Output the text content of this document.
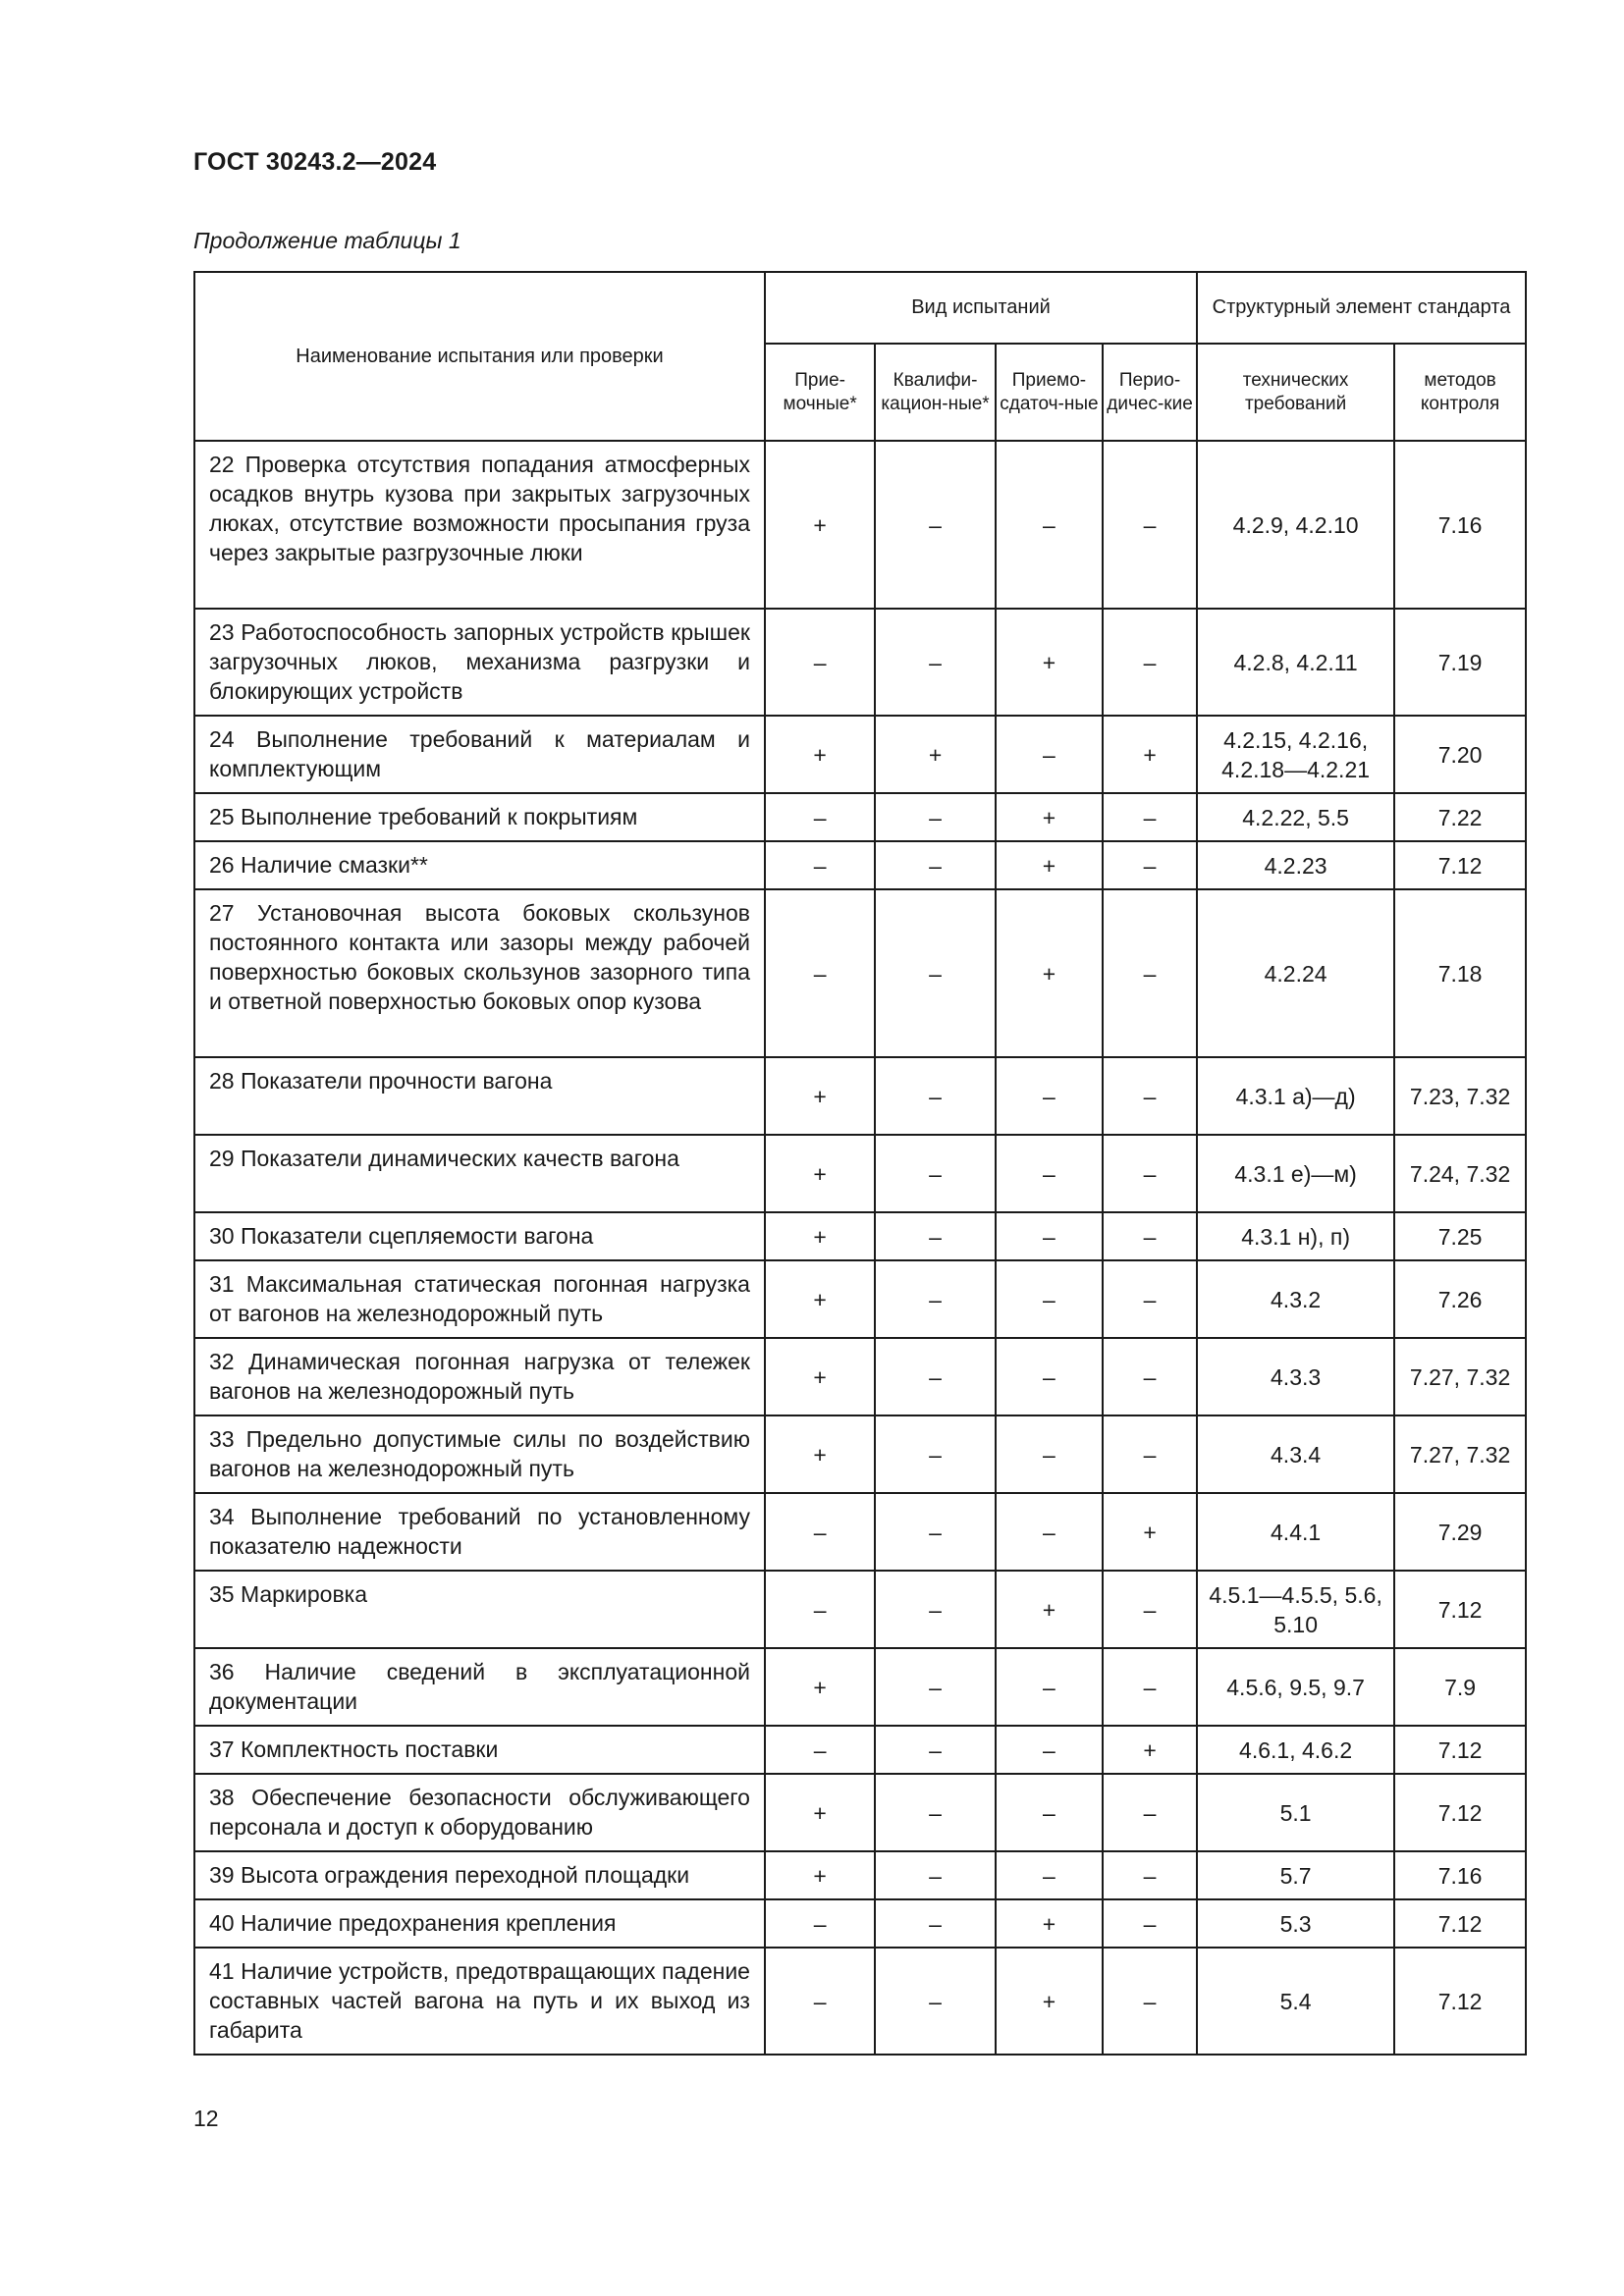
ГОСТ 30243.2—2024
Продолжение таблицы 1
Наименование испытания или проверки	Вид испытаний				Структурный элемент стандарта	
	Прие-мочные*	Квалифи-кацион-ные*	Приемо-сдаточ-ные	Перио-дичес-кие	технических требований	методов контроля

22 Проверка отсутствия попадания атмосферных осадков внутрь кузова при закрытых загрузочных люках, отсутствие возможности просыпания груза через закрытые разгрузочные люки	+	–	–	–	4.2.9, 4.2.10	7.16

23 Работоспособность запорных устройств крышек загрузочных люков, механизма разгрузки и блокирующих устройств	–	–	+	–	4.2.8, 4.2.11	7.19

24 Выполнение требований к материалам и комплектующим	+	+	–	+	4.2.15, 4.2.16, 4.2.18—4.2.21	7.20

25 Выполнение требований к покрытиям	–	–	+	–	4.2.22, 5.5	7.22

26 Наличие смазки**	–	–	+	–	4.2.23	7.12

27 Установочная высота боковых скользунов постоянного контакта или зазоры между рабочей поверхностью боковых скользунов зазорного типа и ответной поверхностью боковых опор кузова	–	–	+	–	4.2.24	7.18

28 Показатели прочности вагона	+	–	–	–	4.3.1 а)—д)	7.23, 7.32

29 Показатели динамических качеств вагона	+	–	–	–	4.3.1 е)—м)	7.24, 7.32

30 Показатели сцепляемости вагона	+	–	–	–	4.3.1 н), п)	7.25

31 Максимальная статическая погонная нагрузка от вагонов на железнодорожный путь	+	–	–	–	4.3.2	7.26

32 Динамическая погонная нагрузка от тележек вагонов на железнодорожный путь	+	–	–	–	4.3.3	7.27, 7.32

33 Предельно допустимые силы по воздействию вагонов на железнодорожный путь	+	–	–	–	4.3.4	7.27, 7.32

34 Выполнение требований по установленному показателю надежности	–	–	–	+	4.4.1	7.29

35 Маркировка	–	–	+	–	4.5.1—4.5.5, 5.6, 5.10	7.12

36 Наличие сведений в эксплуатационной документации	+	–	–	–	4.5.6, 9.5, 9.7	7.9

37 Комплектность поставки	–	–	–	+	4.6.1, 4.6.2	7.12

38 Обеспечение безопасности обслуживающего персонала и доступ к оборудованию	+	–	–	–	5.1	7.12

39 Высота ограждения переходной площадки	+	–	–	–	5.7	7.16

40 Наличие предохранения крепления	–	–	+	–	5.3	7.12

41 Наличие устройств, предотвращающих падение составных частей вагона на путь и их выход из габарита	–	–	+	–	5.4	7.12
12
